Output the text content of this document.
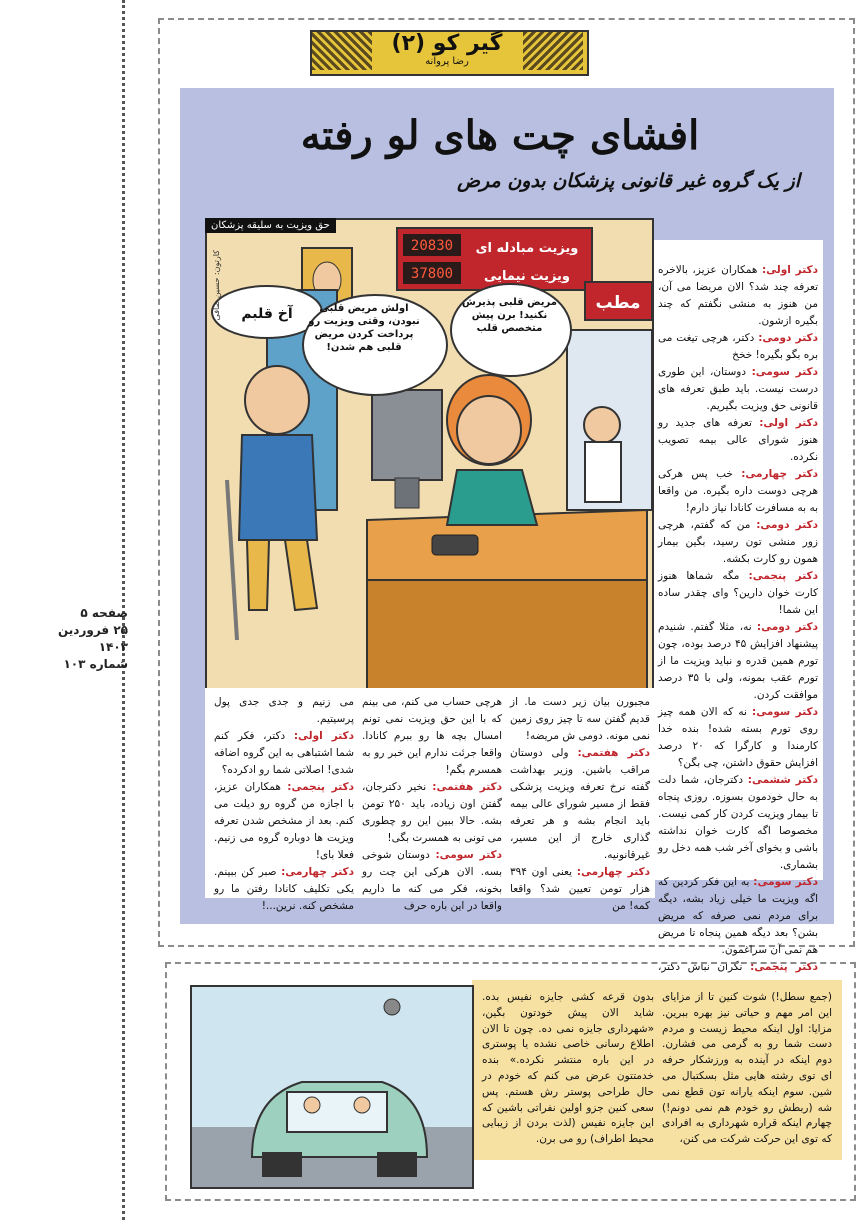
صفحه ۵
۲۵ فروردین ۱۴۰۳
شماره ۱۰۳
گیر کو (۲)
رضا پروانه
افشای چت های لو رفته
از یک گروه غیر قانونی پزشکان بدون مرض

دکتر اولی: همکاران عزیز، بالاخره تعرفه چند شد؟ الان مریضا می آن، من هنوز به منشی نگفتم که چند بگیره ازشون.

دکتر دومی: دکتر، هرچی تیغت می بره بگو بگیره! خخخ

دکتر سومی: دوستان، این طوری درست نیست. باید طبق تعرفه های قانونی حق ویزیت بگیریم.

دکتر اولی: تعرفه های جدید رو هنوز شورای عالی بیمه تصویب نکرده.

دکتر چهارمی: خب پس هرکی هرچی دوست داره بگیره. من واقعا به به مسافرت کانادا نیاز دارم!

دکتر دومی: من که گفتم، هرچی زور منشی تون رسید، بگین بیمار همون رو کارت بکشه.

دکتر پنجمی: مگه شماها هنوز کارت خوان دارین؟ وای چقدر ساده این شما!

دکتر دومی: نه، مثلا گفتم. شنیدم پیشنهاد افزایش ۴۵ درصد بوده، چون تورم همین قدره و نباید ویزیت ما از تورم عقب بمونه، ولی با ۳۵ درصد موافقت کردن.

دکتر سومی: نه که الان همه چیز روی تورم بسته شده! بنده خدا کارمندا و کارگرا که ۲۰ درصد افزایش حقوق داشتن، چی بگن؟

دکتر ششمی: دکترجان، شما دلت به حال خودمون بسوزه. روزی پنجاه تا بیمار ویزیت کردن کار کمی نیست. مخصوصا اگه کارت خوان نداشته باشی و بخوای آخر شب همه دخل رو بشماری.

دکتر سومی: به این فکر کردین که اگه ویزیت ما خیلی زیاد بشه، دیگه برای مردم نمی صرفه که مریض بشن؟ بعد دیگه همین پنجاه تا مریض هم نمی آن سراغمون.

دکتر پنجمی: نگران نباش دکتر،

20830
37800
ویزیت مبادله ای
ویزیت نیمایی
مطب
آخ قلبم
کارتون: حسین صافی	اولش مریض قلبی نبودن، وقتی ویزیت رو پرداخت کردن مریض قلبی هم شدن!
مریض قلبی پذیرش نکنید! برن پیش متخصص قلب
حق ویزیت به سلیقه پزشکان

مجبورن بیان زیر دست ما. از قدیم گفتن سه تا چیز روی زمین نمی مونه. دومی ش مریضه!

دکتر هفتمی: ولی دوستان مراقب باشین. وزیر بهداشت گفته نرخ تعرفه ویزیت پزشکی فقط از مسیر شورای عالی بیمه باید انجام بشه و هر تعرفه گذاری خارج از این مسیر، غیرقانونیه.

دکتر چهارمی: یعنی اون ۳۹۴ هزار تومن تعیین شد؟ واقعا کمه! من

هرچی حساب می کنم، می بینم که با این حق ویزیت نمی تونم امسال بچه ها رو ببرم کانادا. واقعا جرئت ندارم این خبر رو به همسرم بگم!

دکتر هفتمی: نخیر دکترجان، گفتن اون زیاده، باید ۲۵۰ تومن بشه. حالا ببین این رو چطوری می تونی به همسرت بگی!

دکتر سومی: دوستان شوخی بسه. الان هرکی این چت رو بخونه، فکر می کنه ما داریم واقعا در این باره حرف

می زنیم و جدی جدی پول پرسیتیم.

دکتر اولی: دکتر، فکر کنم شما اشتباهی به این گروه اضافه شدی! اصلاتی شما رو ادکرده؟

دکتر پنجمی: همکاران عزیز، با اجازه من گروه رو دیلت می کنم. بعد از مشخص شدن تعرفه ویزیت ها دوباره گروه می زنیم. فعلا بای!

دکتر چهارمی: صبر کن ببینم. یکی تکلیف کانادا رفتن ما رو مشخص کنه. نرین...!

(جمع سطل!) شوت کنین تا از مزایای این امر مهم و حیاتی نیز بهره ببرین. مزایا: اول اینکه محیط زیست و مردم دست شما رو به گرمی می فشارن. دوم اینکه در آینده به ورزشکار حرفه ای توی رشته هایی مثل بسکتبال می شین. سوم اینکه یارانه تون قطع نمی شه (ربطش رو خودم هم نمی دونم!) چهارم اینکه قراره شهرداری به افرادی که توی این حرکت شرکت می کنن،
بدون قرعه کشی جایزه نفیس بده. شاید الان پیش خودتون بگین، «شهرداری جایزه نمی ده. چون تا الان اطلاع رسانی خاصی نشده یا پوستری در این باره منتشر نکرده.» بنده خدمتتون عرض می کنم که خودم در حال طراحی پوستر رش هستم. پس سعی کنین جزو اولین نفراتی باشین که این جایزه نفیس (لذت بردن از زیبایی محیط اطراف) رو می برن.
